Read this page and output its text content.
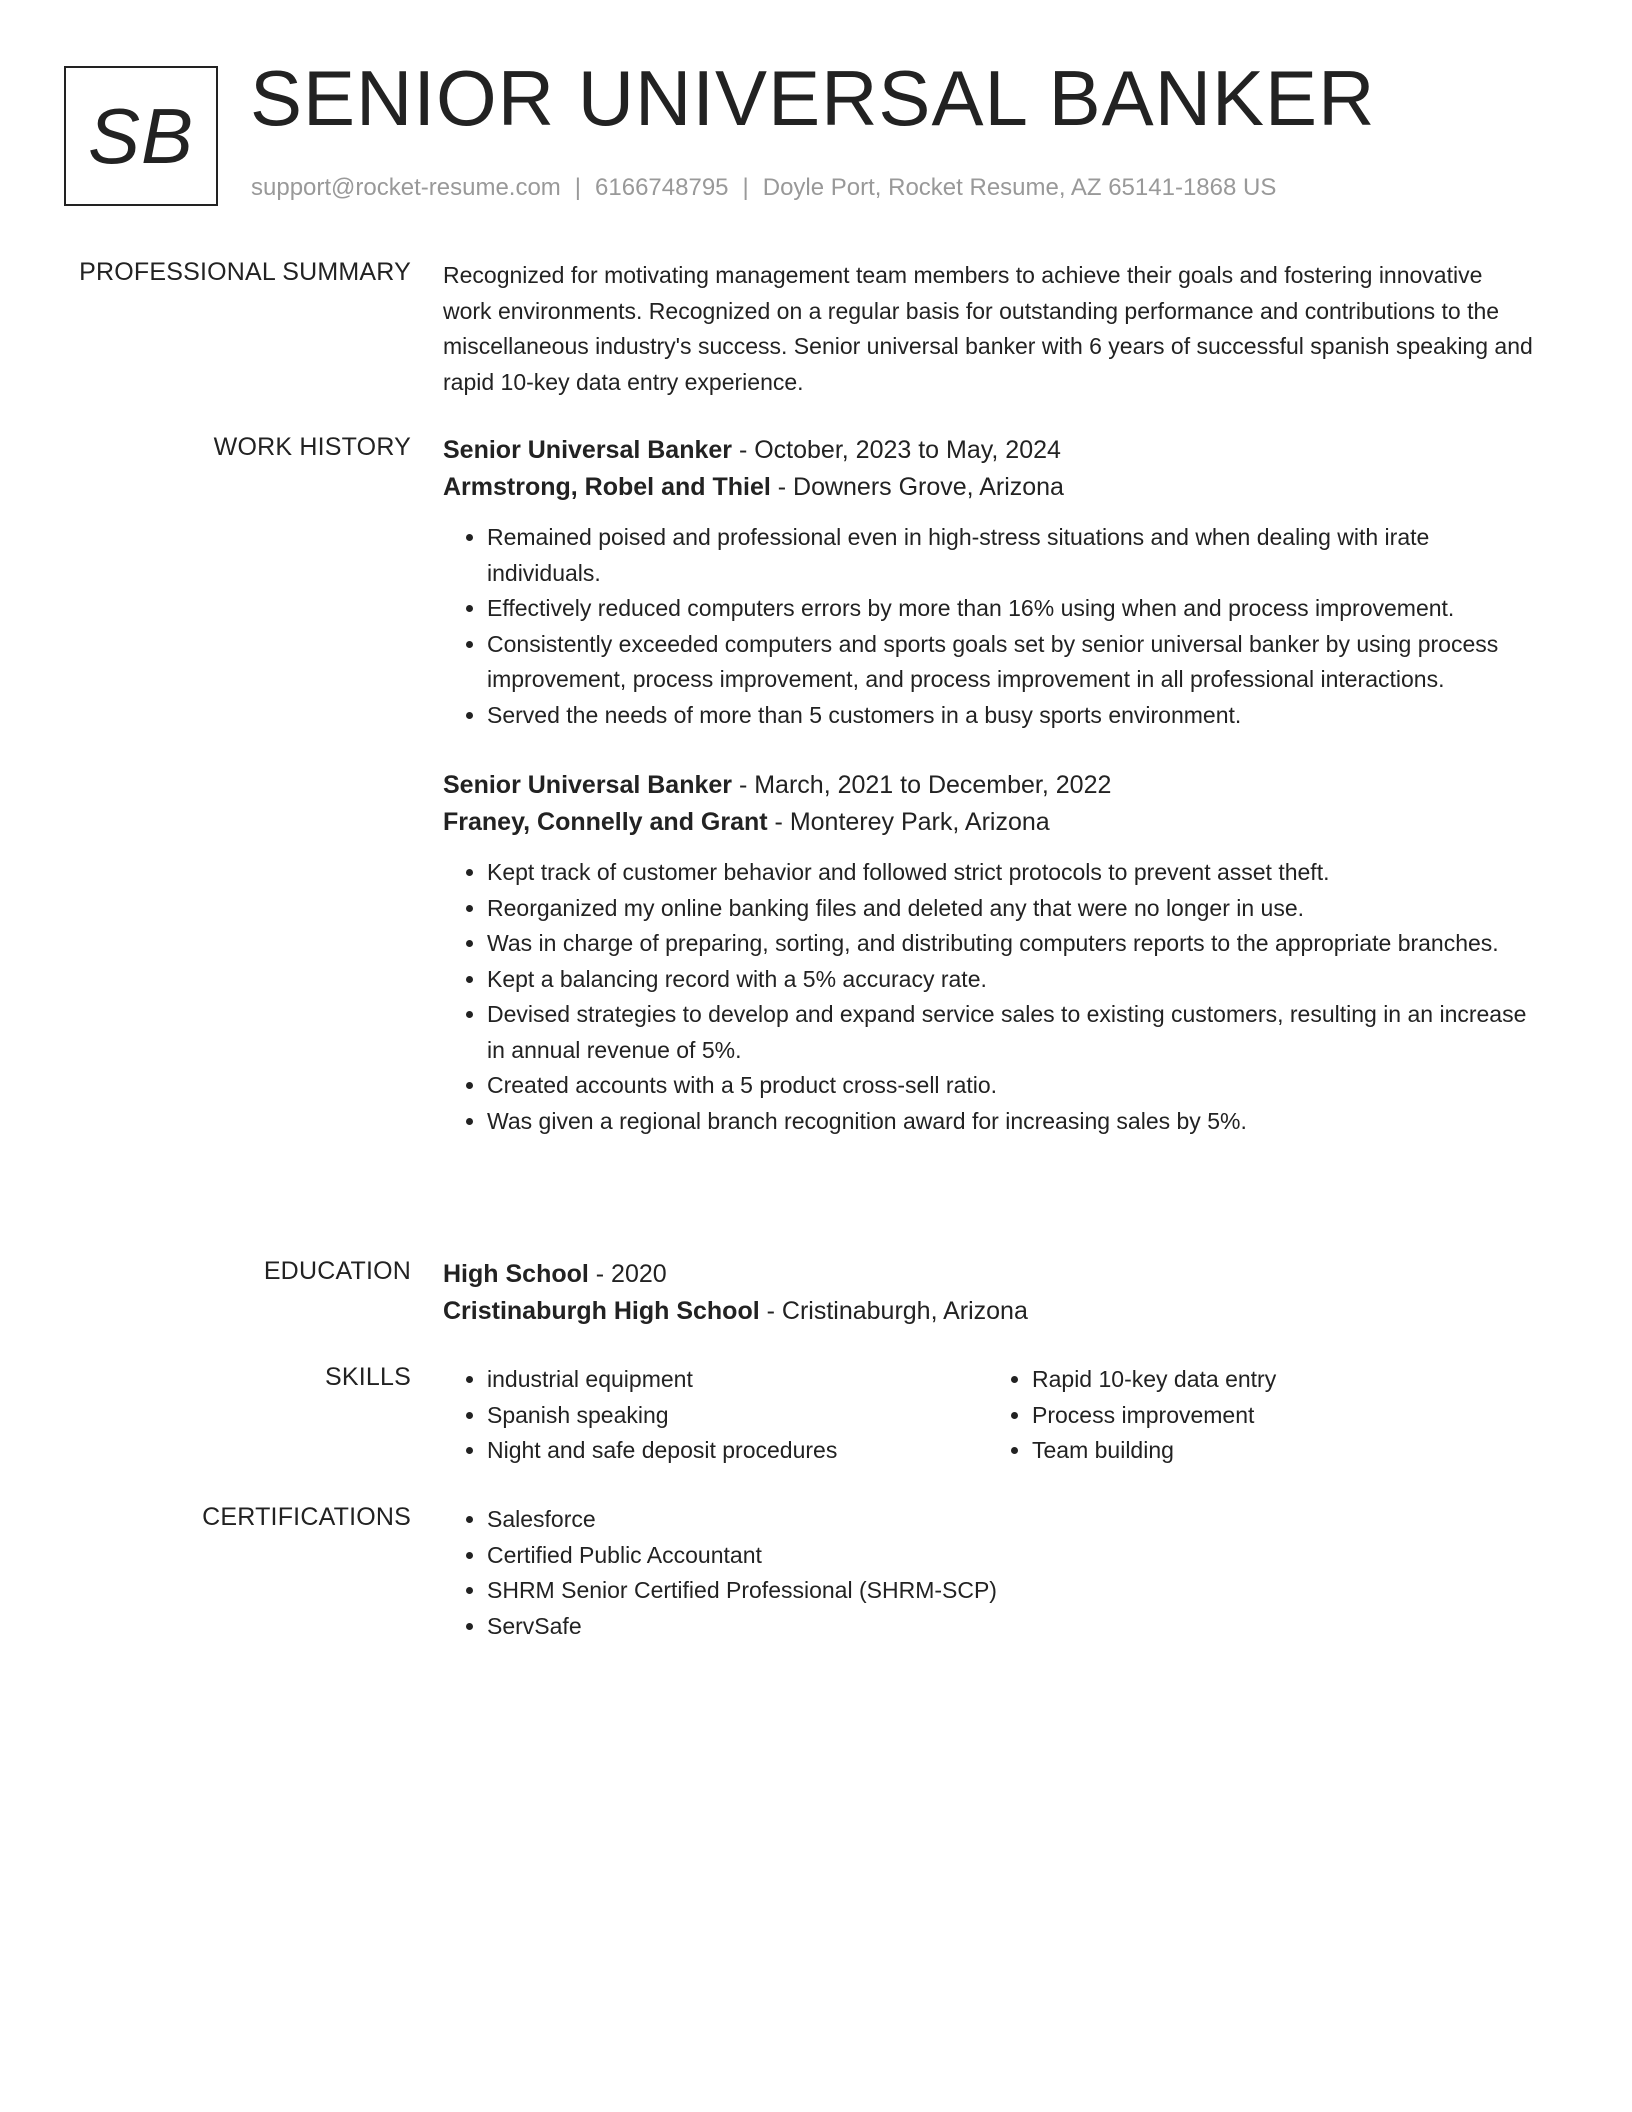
SB SENIOR UNIVERSAL BANKER
support@rocket-resume.com | 6166748795 | Doyle Port, Rocket Resume, AZ 65141-1868 US
PROFESSIONAL SUMMARY Recognized for motivating management team members to achieve their goals and fostering innovative work environments. Recognized on a regular basis for outstanding performance and contributions to the miscellaneous industry's success. Senior universal banker with 6 years of successful spanish speaking and rapid 10-key data entry experience.

WORK HISTORY Senior Universal Banker - October, 2023 to May, 2024

Armstrong, Robel and Thiel - Downers Grove, Arizona

• Remained poised and professional even in high-stress situations and when dealing with irate individuals.
• Effectively reduced computers errors by more than 16% using when and process improvement.
• Consistently exceeded computers and sports goals set by senior universal banker by using process improvement, process improvement, and process improvement in all professional interactions.
• Served the needs of more than 5 customers in a busy sports environment.

Senior Universal Banker - March, 2021 to December, 2022

Franey, Connelly and Grant - Monterey Park, Arizona

• Kept track of customer behavior and followed strict protocols to prevent asset theft.
• Reorganized my online banking files and deleted any that were no longer in use.
• Was in charge of preparing, sorting, and distributing computers reports to the appropriate branches.
• Kept a balancing record with a 5% accuracy rate.
• Devised strategies to develop and expand service sales to existing customers, resulting in an increase in annual revenue of 5%.
• Created accounts with a 5 product cross-sell ratio.
• Was given a regional branch recognition award for increasing sales by 5%.
EDUCATION High School - 2020

Cristinaburgh High School - Cristinaburgh, Arizona

SKILLS	• industrial equipment
• Spanish speaking
• Night and safe deposit procedures
• Rapid 10-key data entry
• Process improvement
• Team building
CERTIFICATIONS	• Salesforce
• Certified Public Accountant
• SHRM Senior Certified Professional (SHRM-SCP)
• ServSafe
